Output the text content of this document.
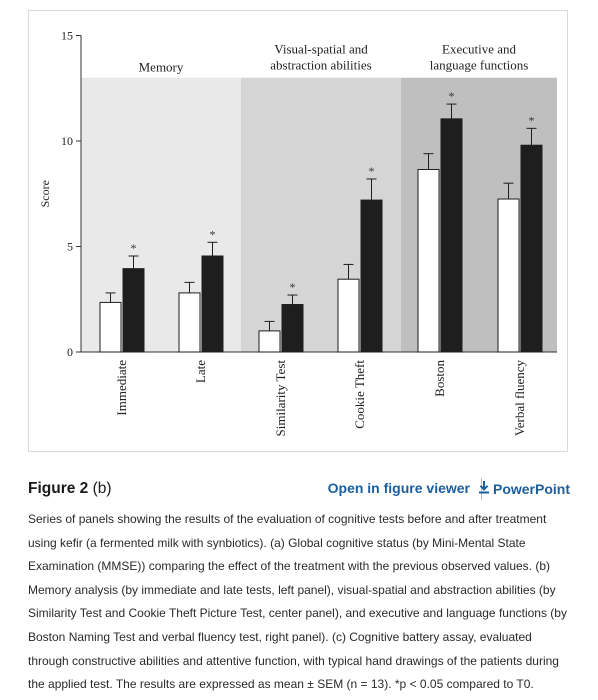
Memory
Visual-spatial and
abstraction abilities
Executive and
language functions
0
5
10
15
Score
*
Immediate
*
Late
*
Similarity Test
*
Cookie Theft
*
Boston
*
Verbal fluency
Figure 2 (b)	Open in figure viewer PowerPoint
Series of panels showing the results of the evaluation of cognitive tests before and after treatment using kefir (a fermented milk with synbiotics). (a) Global cognitive status (by Mini-Mental State Examination (MMSE)) comparing the effect of the treatment with the previous observed values. (b) Memory analysis (by immediate and late tests, left panel), visual-spatial and abstraction abilities (by Similarity Test and Cookie Theft Picture Test, center panel), and executive and language functions (by Boston Naming Test and verbal fluency test, right panel). (c) Cognitive battery assay, evaluated through constructive abilities and attentive function, with typical hand drawings of the patients during the applied test. The results are expressed as mean ± SEM (n = 13). *p < 0.05 compared to T0.
